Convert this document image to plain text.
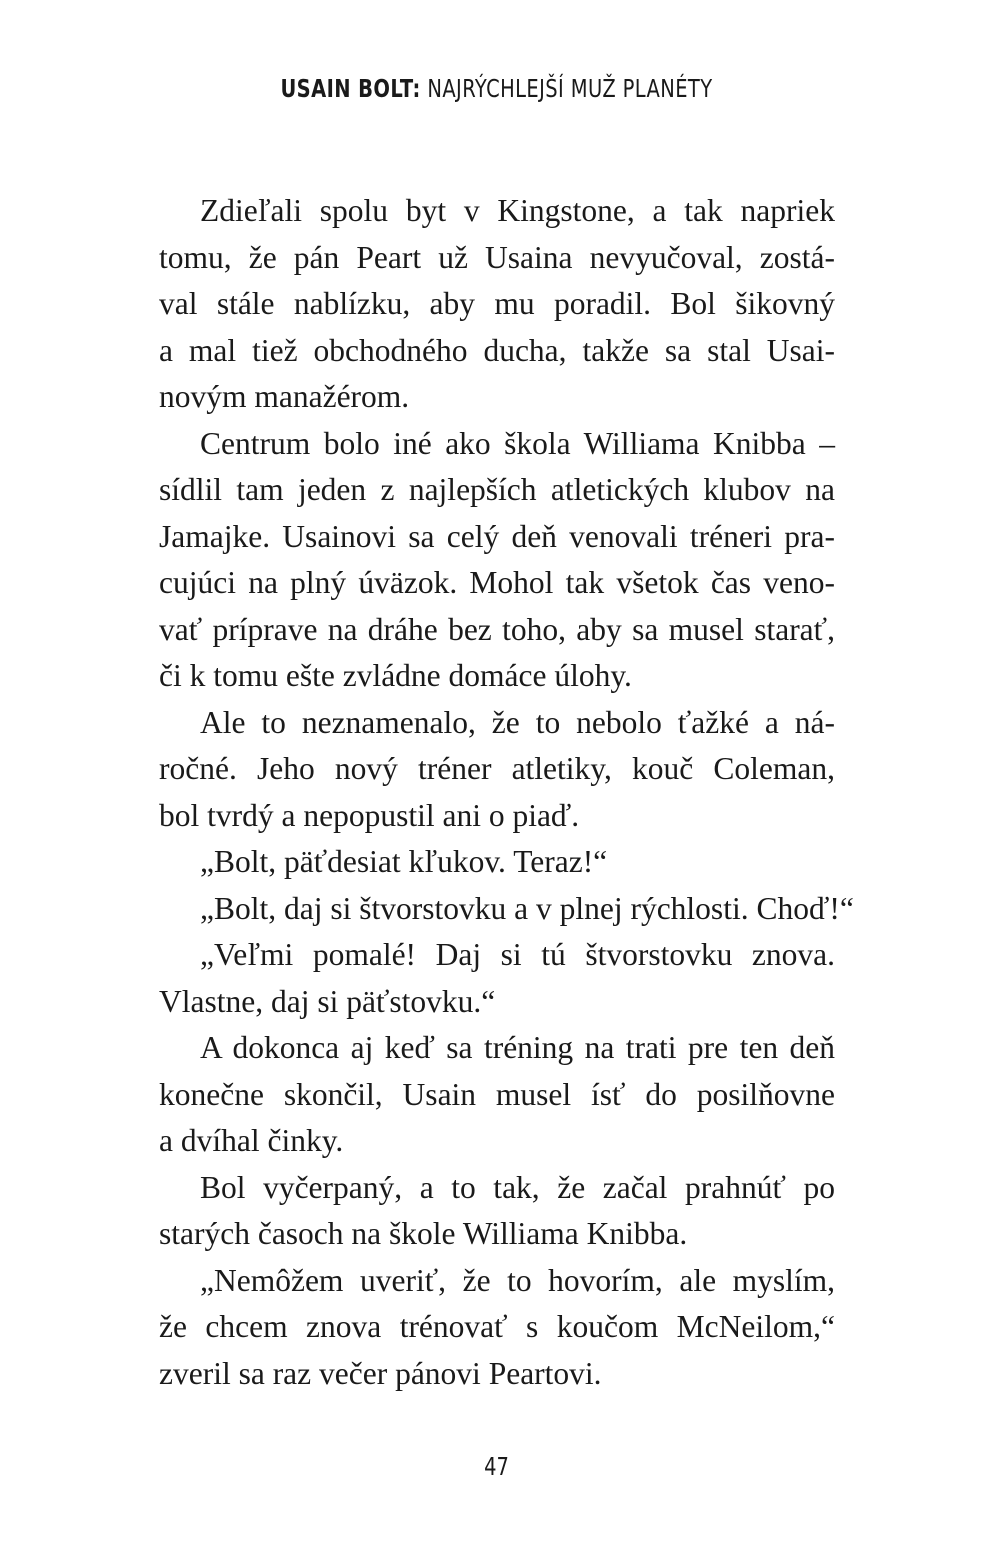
USAIN BOLT: NAJRÝCHLEJŠÍ MUŽ PLANÉTY
Zdieľali spolu byt v Kingstone, a tak napriek
tomu, že pán Peart už Usaina nevyučoval, zostá-
val stále nablízku, aby mu poradil. Bol šikovný
a mal tiež obchodného ducha, takže sa stal Usai-
novým manažérom.
Centrum bolo iné ako škola Williama Knibba –
sídlil tam jeden z najlepších atletických klubov na
Jamajke. Usainovi sa celý deň venovali tréneri pra-
cujúci na plný úväzok. Mohol tak všetok čas veno-
vať príprave na dráhe bez toho, aby sa musel starať,
či k tomu ešte zvládne domáce úlohy.
Ale to neznamenalo, že to nebolo ťažké a ná-
ročné. Jeho nový tréner atletiky, kouč Coleman,
bol tvrdý a nepopustil ani o piaď.
„Bolt, päťdesiat kľukov. Teraz!“
„Bolt, daj si štvorstovku a v plnej rýchlosti. Choď!“
„Veľmi pomalé! Daj si tú štvorstovku znova.
Vlastne, daj si päťstovku.“
A dokonca aj keď sa tréning na trati pre ten deň
konečne skončil, Usain musel ísť do posilňovne
a dvíhal činky.
Bol vyčerpaný, a to tak, že začal prahnúť po
starých časoch na škole Williama Knibba.
„Nemôžem uveriť, že to hovorím, ale myslím,
že chcem znova trénovať s koučom McNeilom,“
zveril sa raz večer pánovi Peartovi.
47
